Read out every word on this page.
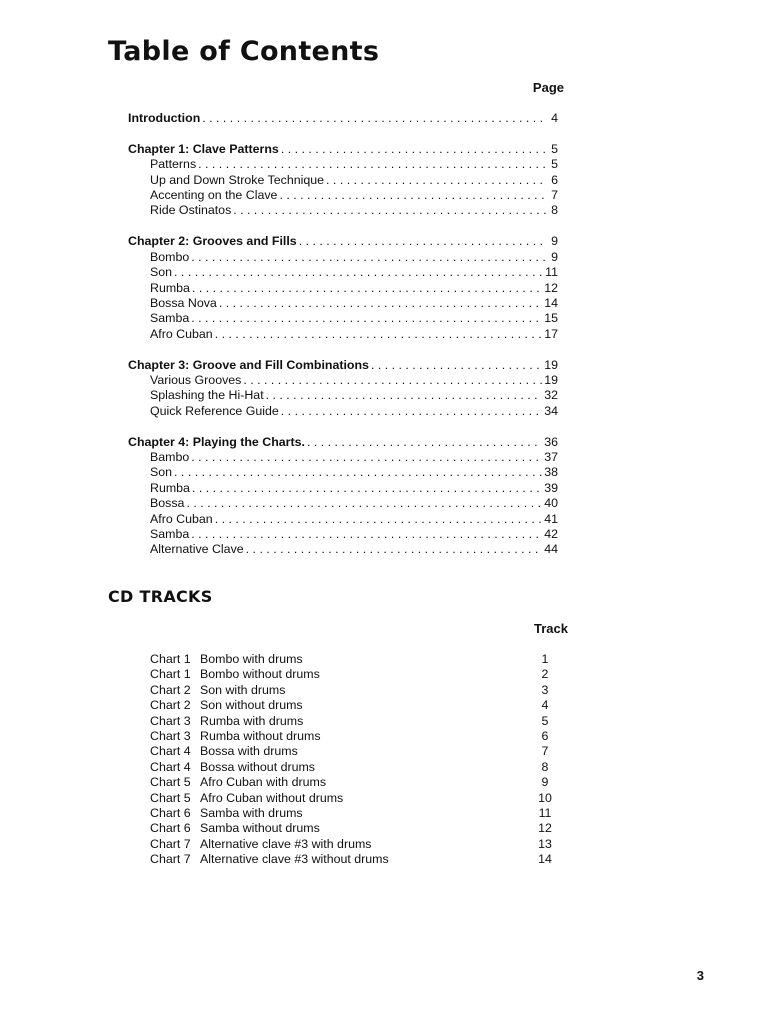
Table of Contents
Page
Introduction . . .	4
Chapter 1: Clave Patterns . . .	5
Patterns . . .	5
Up and Down Stroke Technique . . .	6
Accenting on the Clave . . .	7
Ride Ostinatos . . .	8
Chapter 2: Grooves and Fills . . .	9
Bombo . . .	9
Son . . .	11
Rumba . . .	12
Bossa Nova . . .	14
Samba . . .	15
Afro Cuban . . .	17
Chapter 3: Groove and Fill Combinations . . .	19
Various Grooves . . .	19
Splashing the Hi-Hat . . .	32
Quick Reference Guide . . .	34
Chapter 4: Playing the Charts. . . .	36
Bambo . . .	37
Son . . .	38
Rumba . . .	39
Bossa . . .	40
Afro Cuban . . .	41
Samba . . .	42
Alternative Clave . . .	44
CD TRACKS
Track
Chart 1 Bombo with drums	1
Chart 1 Bombo without drums	2
Chart 2 Son with drums	3
Chart 2 Son without drums	4
Chart 3 Rumba with drums	5
Chart 3 Rumba without drums	6
Chart 4 Bossa with drums	7
Chart 4 Bossa without drums	8
Chart 5 Afro Cuban with drums	9
Chart 5 Afro Cuban without drums	10
Chart 6 Samba with drums	11
Chart 6 Samba without drums	12
Chart 7 Alternative clave #3 with drums	13
Chart 7 Alternative clave #3 without drums	14
3
